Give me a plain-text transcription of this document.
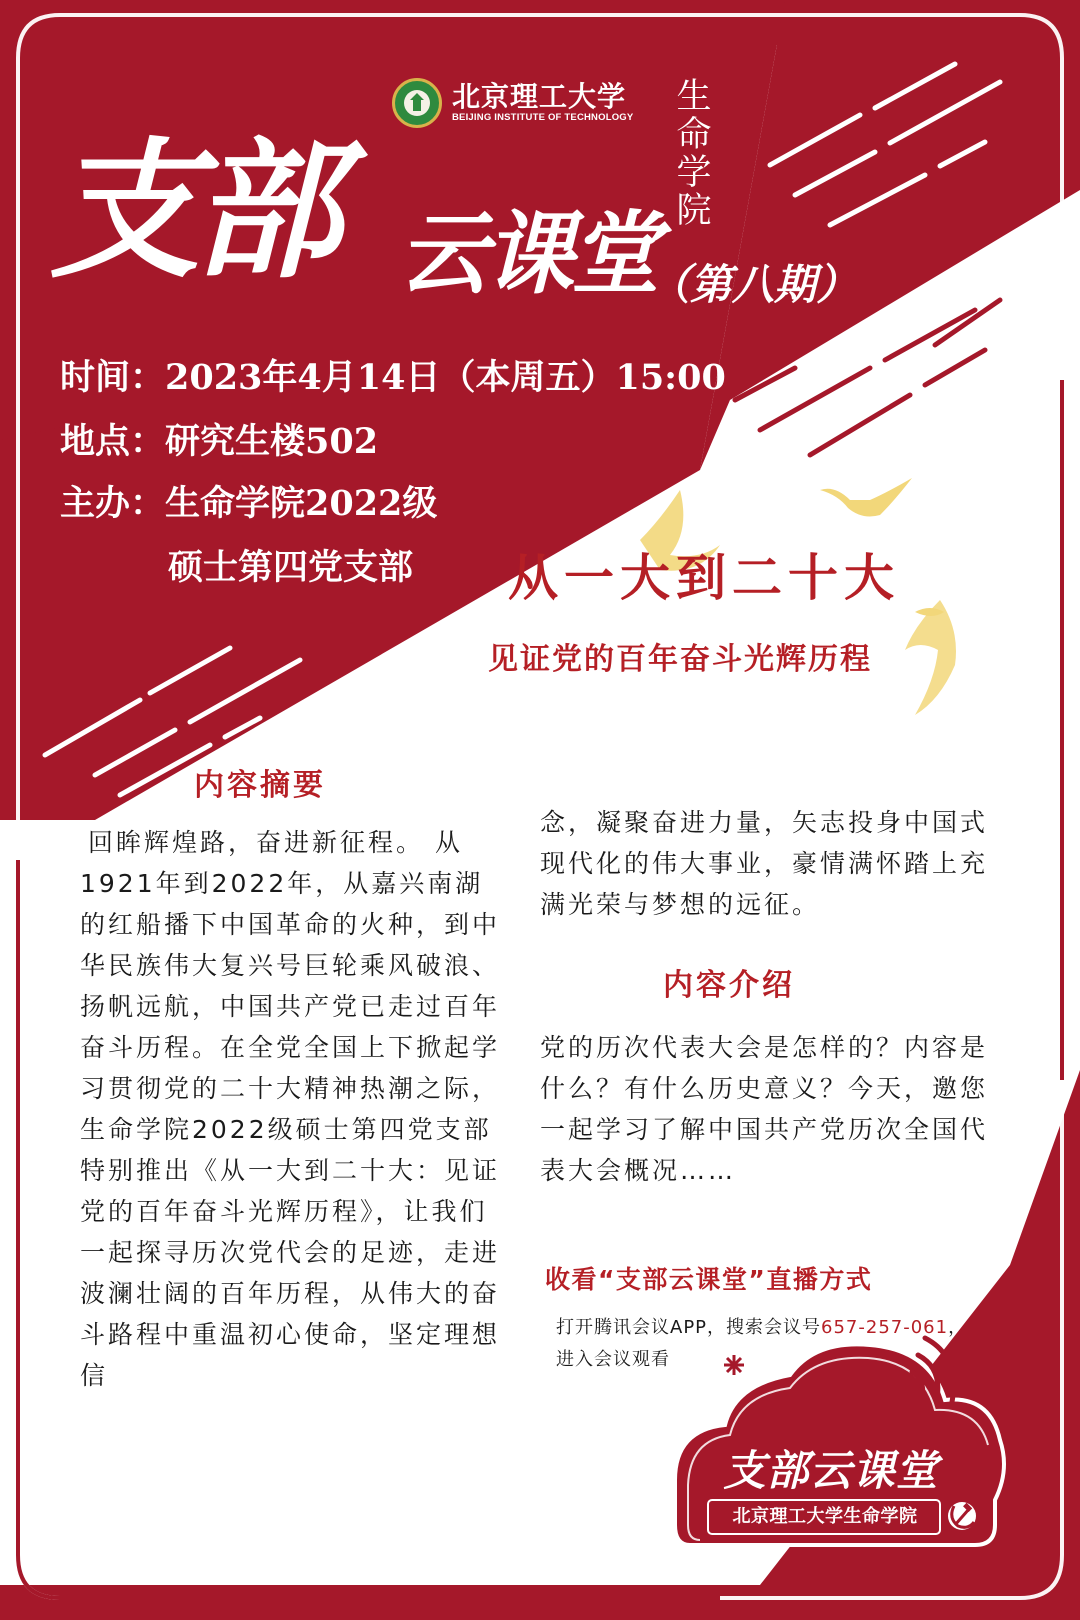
北京理工大学
BEIJING INSTITUTE OF TECHNOLOGY
生命学院
支部 云课堂
（第八期）
时间：2023年4月14日（本周五）15:00
地点：研究生楼502
主办：生命学院2022级
硕士第四党支部 从一大到二十大
见证党的百年奋斗光辉历程
内容摘要
回眸辉煌路，奋进新征程。 从1921年到2022年，从嘉兴南湖的红船播下中国革命的火种，到中华民族伟大复兴号巨轮乘风破浪、扬帆远航，中国共产党已走过百年奋斗历程。在全党全国上下掀起学习贯彻党的二十大精神热潮之际，生命学院2022级硕士第四党支部特别推出《从一大到二十大：见证党的百年奋斗光辉历程》，让我们一起探寻历次党代会的足迹，走进波澜壮阔的百年历程，从伟大的奋斗路程中重温初心使命，坚定理想信
念，凝聚奋进力量，矢志投身中国式现代化的伟大事业，豪情满怀踏上充满光荣与梦想的远征。
内容介绍
党的历次代表大会是怎样的？内容是什么？有什么历史意义？今天，邀您一起学习了解中国共产党历次全国代表大会概况……
收看“支部云课堂”直播方式
打开腾讯会议APP，搜索会议号657-257-061，进入会议观看
支部云课堂
北京理工大学生命学院
